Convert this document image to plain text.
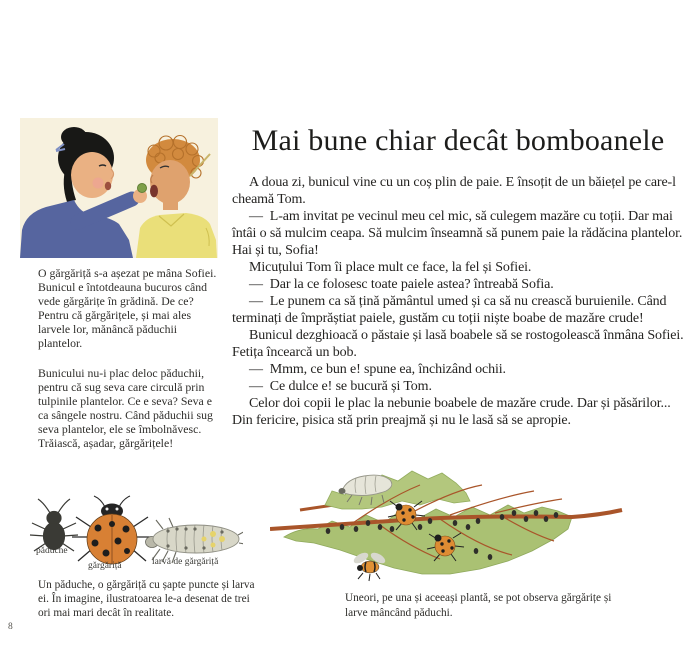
Mai bune chiar decât bomboanele

A doua zi, bunicul vine cu un coș plin de paie. E însoțit de un băiețel pe care-l cheamă Tom.

— L-am invitat pe vecinul meu cel mic, să culegem mazăre cu toții. Dar mai întâi o să mulcim ceapa. Să mulcim înseamnă să punem paie la rădăcina plantelor. Hai și tu, Sofia!

Micuțului Tom îi place mult ce face, la fel și Sofiei.

— Dar la ce folosesc toate paiele astea? întreabă Sofia.

— Le punem ca să țină pământul umed și ca să nu crească buruienile. Când terminați de împrăștiat paiele, gustăm cu toții niște boabe de mazăre crude!

Bunicul dezghioacă o păstaie și lasă boabele să se rostogolească înmâna Sofiei. Fetița încearcă un bob.

— Mmm, ce bun e! spune ea, închizând ochii.

— Ce dulce e! se bucură și Tom.

Celor doi copii le plac la nebunie boabele de mazăre crude. Dar și păsărilor... Din fericire, pisica stă prin preajmă și nu le lasă să se apropie.

O gărgăriță s-a așezat pe mâna Sofiei. Bunicul e întotdeauna bucuros când vede gărgărițe în grădină. De ce? Pentru că gărgărițele, și mai ales larvele lor, mănâncă păduchii plantelor.
Bunicului nu-i plac deloc păduchii, pentru că sug seva care circulă prin tulpinile plantelor. Ce e seva? Seva e ca sângele nostru. Când păduchii sug seva plantelor, ele se îmbolnăvesc. Trăiască, așadar, gărgărițele!
păduche
gărgăriță	larvă de gărgăriță
Un păduche, o gărgăriță cu șapte puncte și larva ei. În imagine, ilustratoarea le-a desenat de trei ori mai mari decât în realitate.
Uneori, pe una și aceeași plantă, se pot observa gărgărițe și larve mâncând păduchi.
8
